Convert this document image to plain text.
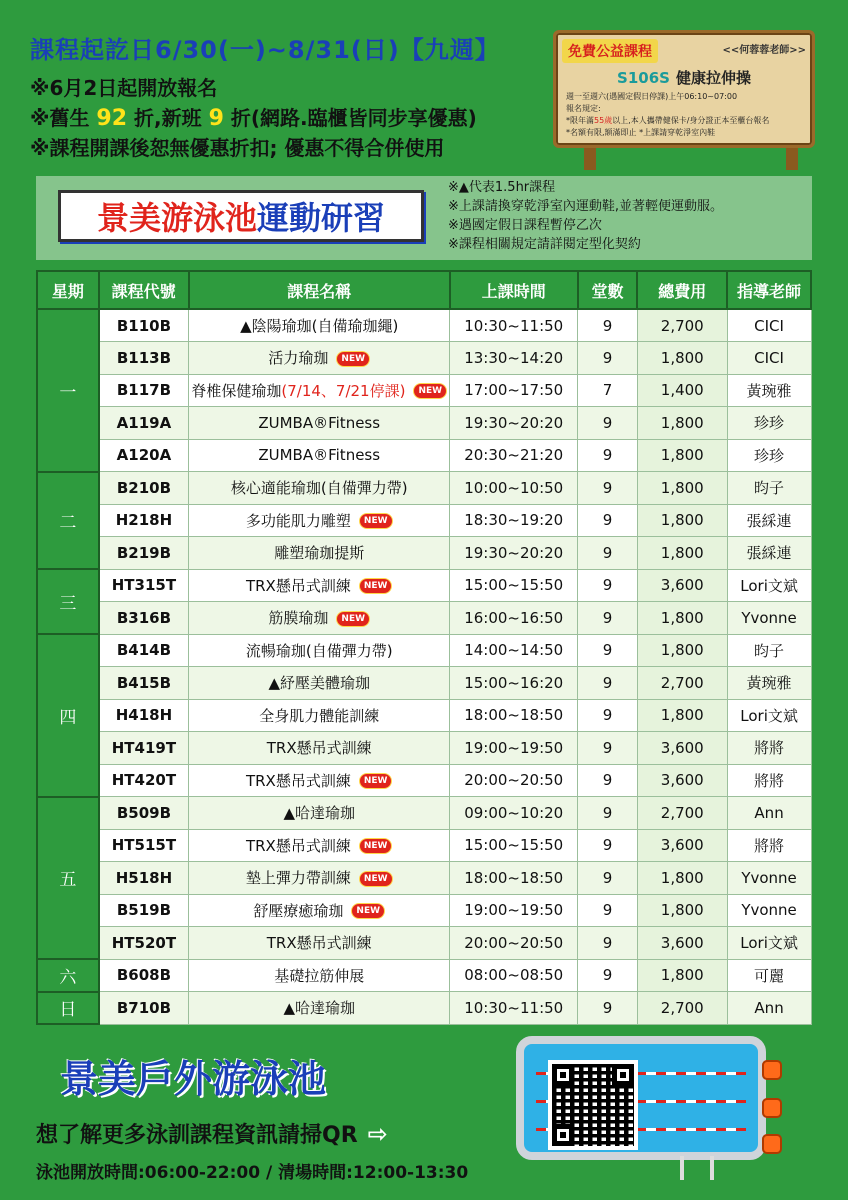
課程起訖日6/30(一)~8/31(日)【九週】
※6月2日起開放報名
※舊生 92 折,新班 9 折(網路.臨櫃皆同步享優惠)
※課程開課後恕無優惠折扣; 優惠不得合併使用
免費公益課程	<<何蓉蓉老師>>
S106S 健康拉伸操
週一至週六(遇國定假日停課)上午06:10~07:00
報名規定:
*限年滿55歲以上,本人攜帶健保卡/身分證正本至櫃台報名
*名額有限,額滿即止 *上課請穿乾淨室內鞋
景美游泳池 運動研習
※▲代表1.5hr課程
※上課請換穿乾淨室內運動鞋,並著輕便運動服。
※遇國定假日課程暫停乙次
※課程相關規定請詳閱定型化契約
星期	課程代號	課程名稱	上課時間	堂數	總費用	指導老師
一	B110B	▲陰陽瑜珈(自備瑜珈繩)	10:30~11:50	9	2,700	CICI
	B113B	活力瑜珈 NEW	13:30~14:20	9	1,800	CICI
	B117B	脊椎保健瑜珈(7/14、7/21停課) NEW	17:00~17:50	7	1,400	黃琬雅
	A119A	ZUMBA®Fitness	19:30~20:20	9	1,800	珍珍
	A120A	ZUMBA®Fitness	20:30~21:20	9	1,800	珍珍
二	B210B	核心適能瑜珈(自備彈力帶)	10:00~10:50	9	1,800	昀子
	H218H	多功能肌力雕塑 NEW	18:30~19:20	9	1,800	張綵連
	B219B	雕塑瑜珈提斯	19:30~20:20	9	1,800	張綵連
三	HT315T	TRX懸吊式訓練 NEW	15:00~15:50	9	3,600	Lori文斌
	B316B	筋膜瑜珈 NEW	16:00~16:50	9	1,800	Yvonne
四	B414B	流暢瑜珈(自備彈力帶)	14:00~14:50	9	1,800	昀子
	B415B	▲紓壓美體瑜珈	15:00~16:20	9	2,700	黃琬雅
	H418H	全身肌力體能訓練	18:00~18:50	9	1,800	Lori文斌
	HT419T	TRX懸吊式訓練	19:00~19:50	9	3,600	將將
	HT420T	TRX懸吊式訓練 NEW	20:00~20:50	9	3,600	將將
五	B509B	▲哈達瑜珈	09:00~10:20	9	2,700	Ann
	HT515T	TRX懸吊式訓練 NEW	15:00~15:50	9	3,600	將將
	H518H	墊上彈力帶訓練 NEW	18:00~18:50	9	1,800	Yvonne
	B519B	舒壓療癒瑜珈 NEW	19:00~19:50	9	1,800	Yvonne
	HT520T	TRX懸吊式訓練	20:00~20:50	9	3,600	Lori文斌
六	B608B	基礎拉筋伸展	08:00~08:50	9	1,800	可麗
日	B710B	▲哈達瑜珈	10:30~11:50	9	2,700	Ann
景美戶外游泳池
想了解更多泳訓課程資訊請掃QR ⇨
泳池開放時間:06:00-22:00 / 清場時間:12:00-13:30
